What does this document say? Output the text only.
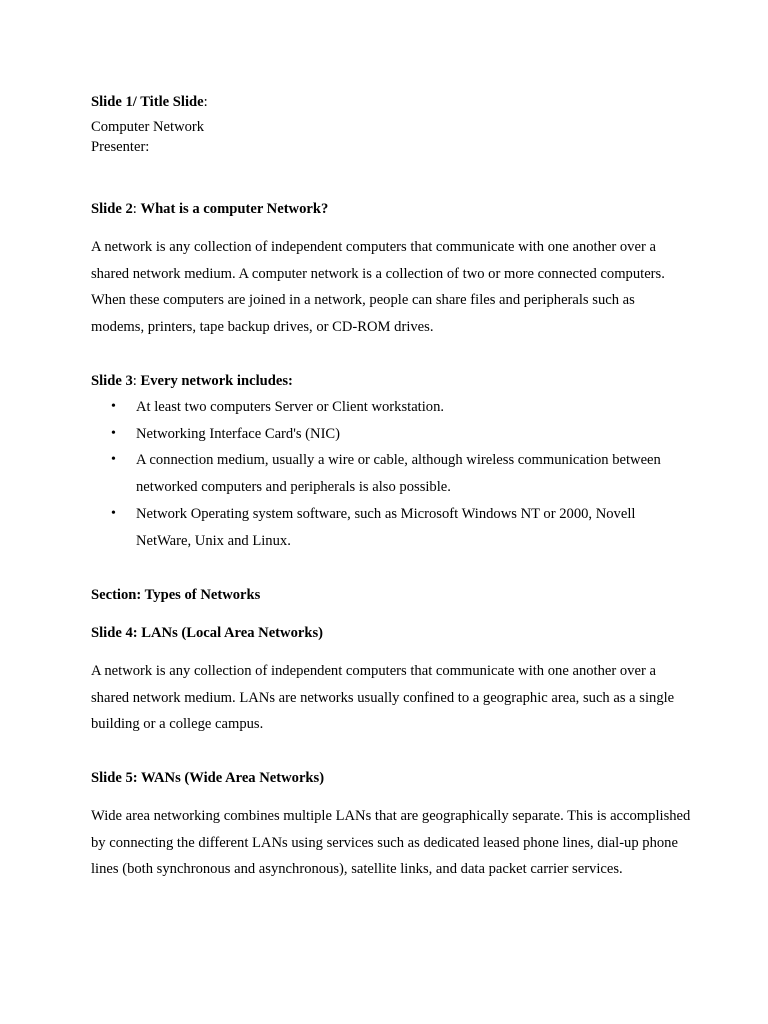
Slide 1/ Title Slide:

Computer Network
Presenter:

Slide 2: What is a computer Network?

A network is any collection of independent computers that communicate with one another over a shared network medium. A computer network is a collection of two or more connected computers. When these computers are joined in a network, people can share files and peripherals such as modems, printers, tape backup drives, or CD-ROM drives.

Slide 3: Every network includes:

• At least two computers Server or Client workstation.
• Networking Interface Card's (NIC)
• A connection medium, usually a wire or cable, although wireless communication between networked computers and peripherals is also possible.
• Network Operating system software, such as Microsoft Windows NT or 2000, Novell NetWare, Unix and Linux.

Section: Types of Networks

Slide 4: LANs (Local Area Networks)

A network is any collection of independent computers that communicate with one another over a shared network medium. LANs are networks usually confined to a geographic area, such as a single building or a college campus.

Slide 5: WANs (Wide Area Networks)

Wide area networking combines multiple LANs that are geographically separate. This is accomplished by connecting the different LANs using services such as dedicated leased phone lines, dial-up phone lines (both synchronous and asynchronous), satellite links, and data packet carrier services.
